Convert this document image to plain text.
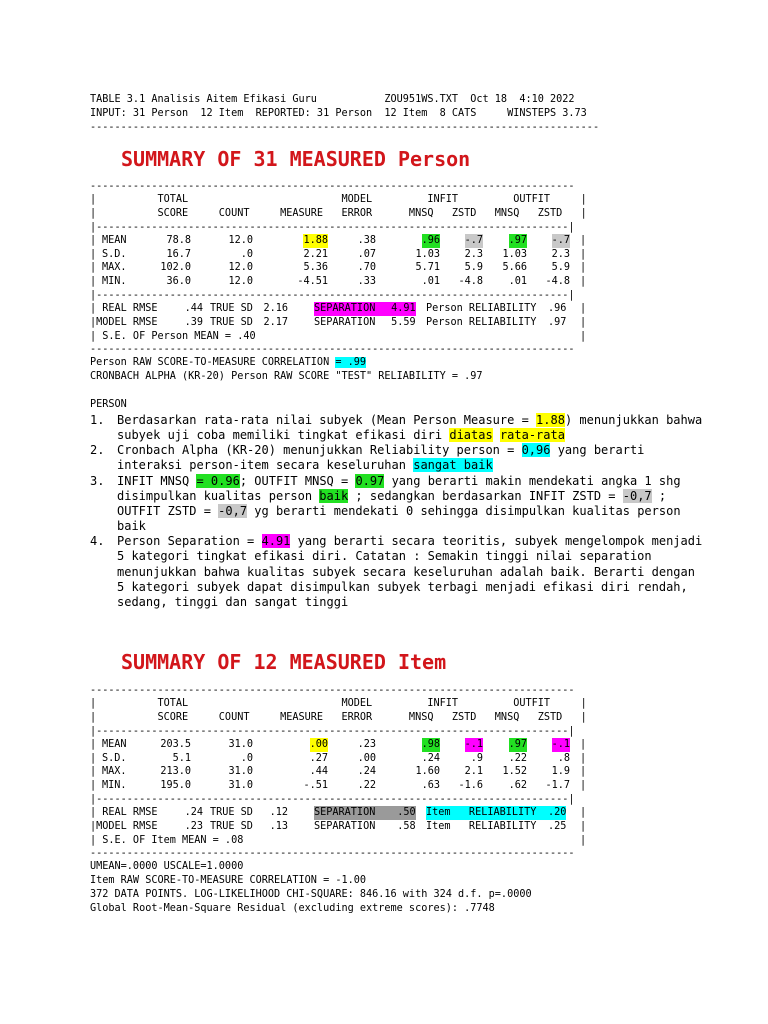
TABLE 3.1 Analisis Aitem Efikasi Guru           ZOU951WS.TXT  Oct 18  4:10 2022
INPUT: 31 Person  12 Item  REPORTED: 31 Person  12 Item  8 CATS     WINSTEPS 3.73
-----------------------------------------------------------------------------------
SUMMARY OF 31 MEASURED Person
-------------------------------------------------------------------------------
|          TOTAL                         MODEL         INFIT         OUTFIT     |
|          SCORE     COUNT     MEASURE   ERROR      MNSQ   ZSTD   MNSQ   ZSTD   |
|-----------------------------------------------------------------------------|
| MEAN	78.8	12.0	1.88	.38	.96 -.7	.97 -.7 |
| S.D.	16.7	.0	2.21	.07	1.03 2.3 1.03 2.3 |
| MAX.	102.0	12.0	5.36	.70	5.71 5.9 5.66 5.9 |
| MIN.	36.0	12.0	-4.51	.33	.01 -4.8	.01 -4.8 |
|-----------------------------------------------------------------------------|
| REAL RMSE	.44 TRUE SD 2.16	SEPARATION 4.91 Person RELIABILITY .96 |
|MODEL RMSE	.39 TRUE SD 2.17	SEPARATION 5.59 Person RELIABILITY .97 |
| S.E. OF Person MEAN = .40	|
-------------------------------------------------------------------------------
Person RAW SCORE-TO-MEASURE CORRELATION = .99
CRONBACH ALPHA (KR-20) Person RAW SCORE "TEST" RELIABILITY = .97
PERSON
1. Berdasarkan rata-rata nilai subyek (Mean Person Measure = 1.88) menunjukkan bahwa
subyek uji coba memiliki tingkat efikasi diri diatas rata-rata
2. Cronbach Alpha (KR-20) menunjukkan Reliability person = 0,96 yang berarti
interaksi person-item secara keseluruhan sangat baik
3. INFIT MNSQ = 0.96; OUTFIT MNSQ = 0.97 yang berarti makin mendekati angka 1 shg
disimpulkan kualitas person baik ; sedangkan berdasarkan INFIT ZSTD = -0,7 ;
OUTFIT ZSTD = -0,7 yg berarti mendekati 0 sehingga disimpulkan kualitas person
baik
4. Person Separation = 4.91 yang berarti secara teoritis, subyek mengelompok menjadi
5 kategori tingkat efikasi diri. Catatan : Semakin tinggi nilai separation
menunjukkan bahwa kualitas subyek secara keseluruhan adalah baik. Berarti dengan
5 kategori subyek dapat disimpulkan subyek terbagi menjadi efikasi diri rendah,
sedang, tinggi dan sangat tinggi
SUMMARY OF 12 MEASURED Item
-------------------------------------------------------------------------------
|          TOTAL                         MODEL         INFIT         OUTFIT     |
|          SCORE     COUNT     MEASURE   ERROR      MNSQ   ZSTD   MNSQ   ZSTD   |
|-----------------------------------------------------------------------------|
| MEAN	203.5	31.0	.00	.23	.98 -.1	.97 -.1 |
| S.D.	5.1	.0	.27	.00	.24	.9	.22	.8 |
| MAX.	213.0	31.0	.44	.24	1.60 2.1 1.52 1.9 |
| MIN.	195.0	31.0	-.51	.22	.63 -1.6	.62 -1.7 |
|-----------------------------------------------------------------------------|
| REAL RMSE	.24 TRUE SD .12	SEPARATION .50 Item   RELIABILITY .20 |
|MODEL RMSE	.23 TRUE SD .13	SEPARATION .58 Item   RELIABILITY .25 |
| S.E. OF Item MEAN = .08	|
-------------------------------------------------------------------------------
UMEAN=.0000 USCALE=1.0000
Item RAW SCORE-TO-MEASURE CORRELATION = -1.00
372 DATA POINTS. LOG-LIKELIHOOD CHI-SQUARE: 846.16 with 324 d.f. p=.0000
Global Root-Mean-Square Residual (excluding extreme scores): .7748
